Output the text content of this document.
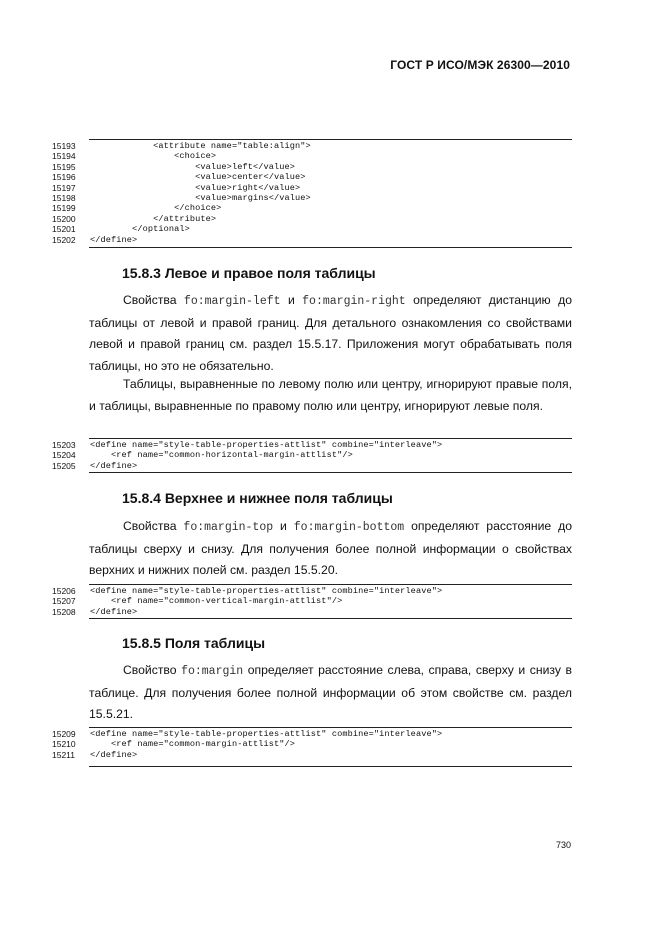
ГОСТ Р ИСО/МЭК 26300—2010
15193	<attribute name="table:align">
15194	<choice>
15195	<value>left</value>
15196	<value>center</value>
15197	<value>right</value>
15198	<value>margins</value>
15199	</choice>
15200	</attribute>
15201	</optional>
15202	</define>
15.8.3 Левое и правое поля таблицы

Свойства fo:margin-left и fo:margin-right определяют дистанцию до таблицы от левой и правой границ. Для детального ознакомления со свойствами левой и правой границ см. раздел 15.5.17. Приложения могут обрабатывать поля таблицы, но это не обязательно.

Таблицы, выравненные по левому полю или центру, игнорируют правые поля, и таблицы, выравненные по правому полю или центру, игнорируют левые поля.

15203	<define name="style-table-properties-attlist" combine="interleave">
15204	<ref name="common-horizontal-margin-attlist"/>
15205	</define>
15.8.4 Верхнее и нижнее поля таблицы

Свойства fo:margin-top и fo:margin-bottom определяют расстояние до таблицы сверху и снизу. Для получения более полной информации о свойствах верхних и нижних полей см. раздел 15.5.20.

15206	<define name="style-table-properties-attlist" combine="interleave">
15207	<ref name="common-vertical-margin-attlist"/>
15208	</define>
15.8.5 Поля таблицы

Свойство fo:margin определяет расстояние слева, справа, сверху и снизу в таблице. Для получения более полной информации об этом свойстве см. раздел 15.5.21.

15209	<define name="style-table-properties-attlist" combine="interleave">
15210	<ref name="common-margin-attlist"/>
15211	</define>
730
